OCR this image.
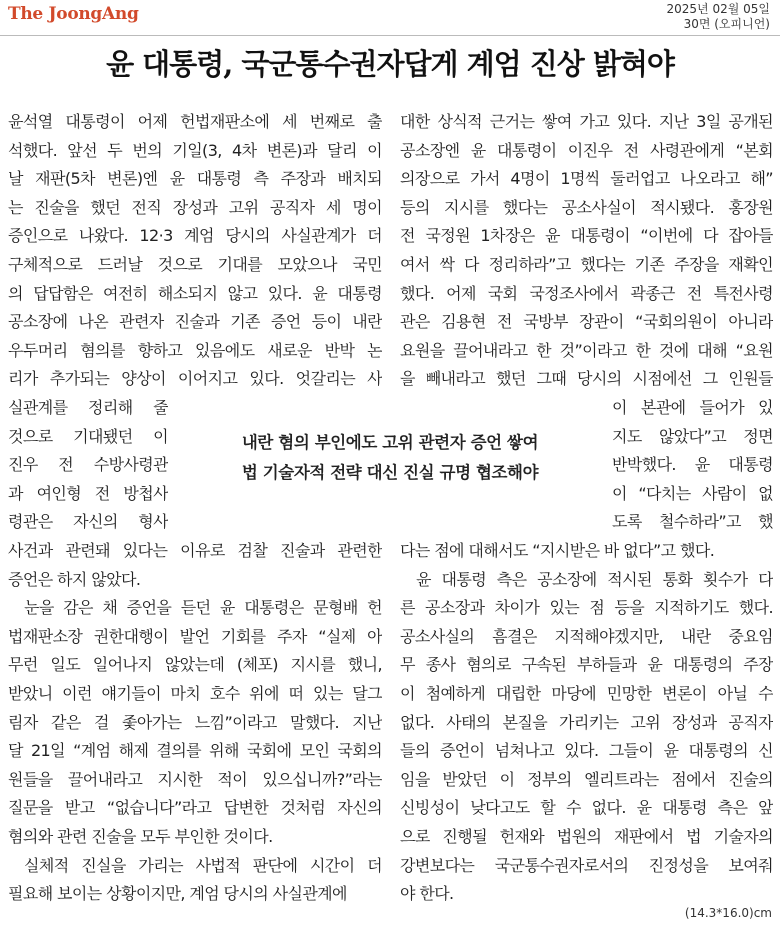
The JoongAng	2025년 02월 05일
30면 (오피니언)
윤 대통령, 국군통수권자답게 계엄 진상 밝혀야
윤석열 대통령이 어제 헌법재판소에 세 번째로 출
석했다. 앞선 두 번의 기일(3, 4차 변론)과 달리 이
날 재판(5차 변론)엔 윤 대통령 측 주장과 배치되
는 진술을 했던 전직 장성과 고위 공직자 세 명이
증인으로 나왔다. 12·3 계엄 당시의 사실관계가 더
구체적으로 드러날 것으로 기대를 모았으나 국민
의 답답함은 여전히 해소되지 않고 있다. 윤 대통령
공소장에 나온 관련자 진술과 기존 증언 등이 내란
우두머리 혐의를 향하고 있음에도 새로운 반박 논
리가 추가되는 양상이 이어지고 있다. 엇갈리는 사
실관계를 정리해 줄
것으로 기대됐던 이
진우 전 수방사령관
과 여인형 전 방첩사
령관은 자신의 형사
사건과 관련돼 있다는 이유로 검찰 진술과 관련한
증언은 하지 않았다.
눈을 감은 채 증언을 듣던 윤 대통령은 문형배 헌
법재판소장 권한대행이 발언 기회를 주자 “실제 아
무런 일도 일어나지 않았는데 (체포) 지시를 했니,
받았니 이런 얘기들이 마치 호수 위에 떠 있는 달그
림자 같은 걸 좇아가는 느낌”이라고 말했다. 지난
달 21일 “계엄 해제 결의를 위해 국회에 모인 국회의
원들을 끌어내라고 지시한 적이 있으십니까?”라는
질문을 받고 “없습니다”라고 답변한 것처럼 자신의
혐의와 관련 진술을 모두 부인한 것이다.
실체적 진실을 가리는 사법적 판단에 시간이 더
필요해 보이는 상황이지만, 계엄 당시의 사실관계에
대한 상식적 근거는 쌓여 가고 있다. 지난 3일 공개된
공소장엔 윤 대통령이 이진우 전 사령관에게 “본회
의장으로 가서 4명이 1명씩 둘러업고 나오라고 해”
등의 지시를 했다는 공소사실이 적시됐다. 홍장원
전 국정원 1차장은 윤 대통령이 “이번에 다 잡아들
여서 싹 다 정리하라”고 했다는 기존 주장을 재확인
했다. 어제 국회 국정조사에서 곽종근 전 특전사령
관은 김용현 전 국방부 장관이 “국회의원이 아니라
요원을 끌어내라고 한 것”이라고 한 것에 대해 “요원
을 빼내라고 했던 그때 당시의 시점에선 그 인원들
이 본관에 들어가 있
지도 않았다”고 정면
반박했다. 윤 대통령
이 “다치는 사람이 없
도록 철수하라”고 했
다는 점에 대해서도 “지시받은 바 없다”고 했다.
윤 대통령 측은 공소장에 적시된 통화 횟수가 다
른 공소장과 차이가 있는 점 등을 지적하기도 했다.
공소사실의 흠결은 지적해야겠지만, 내란 중요임
무 종사 혐의로 구속된 부하들과 윤 대통령의 주장
이 첨예하게 대립한 마당에 민망한 변론이 아닐 수
없다. 사태의 본질을 가리키는 고위 장성과 공직자
들의 증언이 넘쳐나고 있다. 그들이 윤 대통령의 신
임을 받았던 이 정부의 엘리트라는 점에서 진술의
신빙성이 낮다고도 할 수 없다. 윤 대통령 측은 앞
으로 진행될 헌재와 법원의 재판에서 법 기술자의
강변보다는 국군통수권자로서의 진정성을 보여줘
야 한다.
내란 혐의 부인에도 고위 관련자 증언 쌓여
법 기술자적 전략 대신 진실 규명 협조해야
(14.3*16.0)cm
